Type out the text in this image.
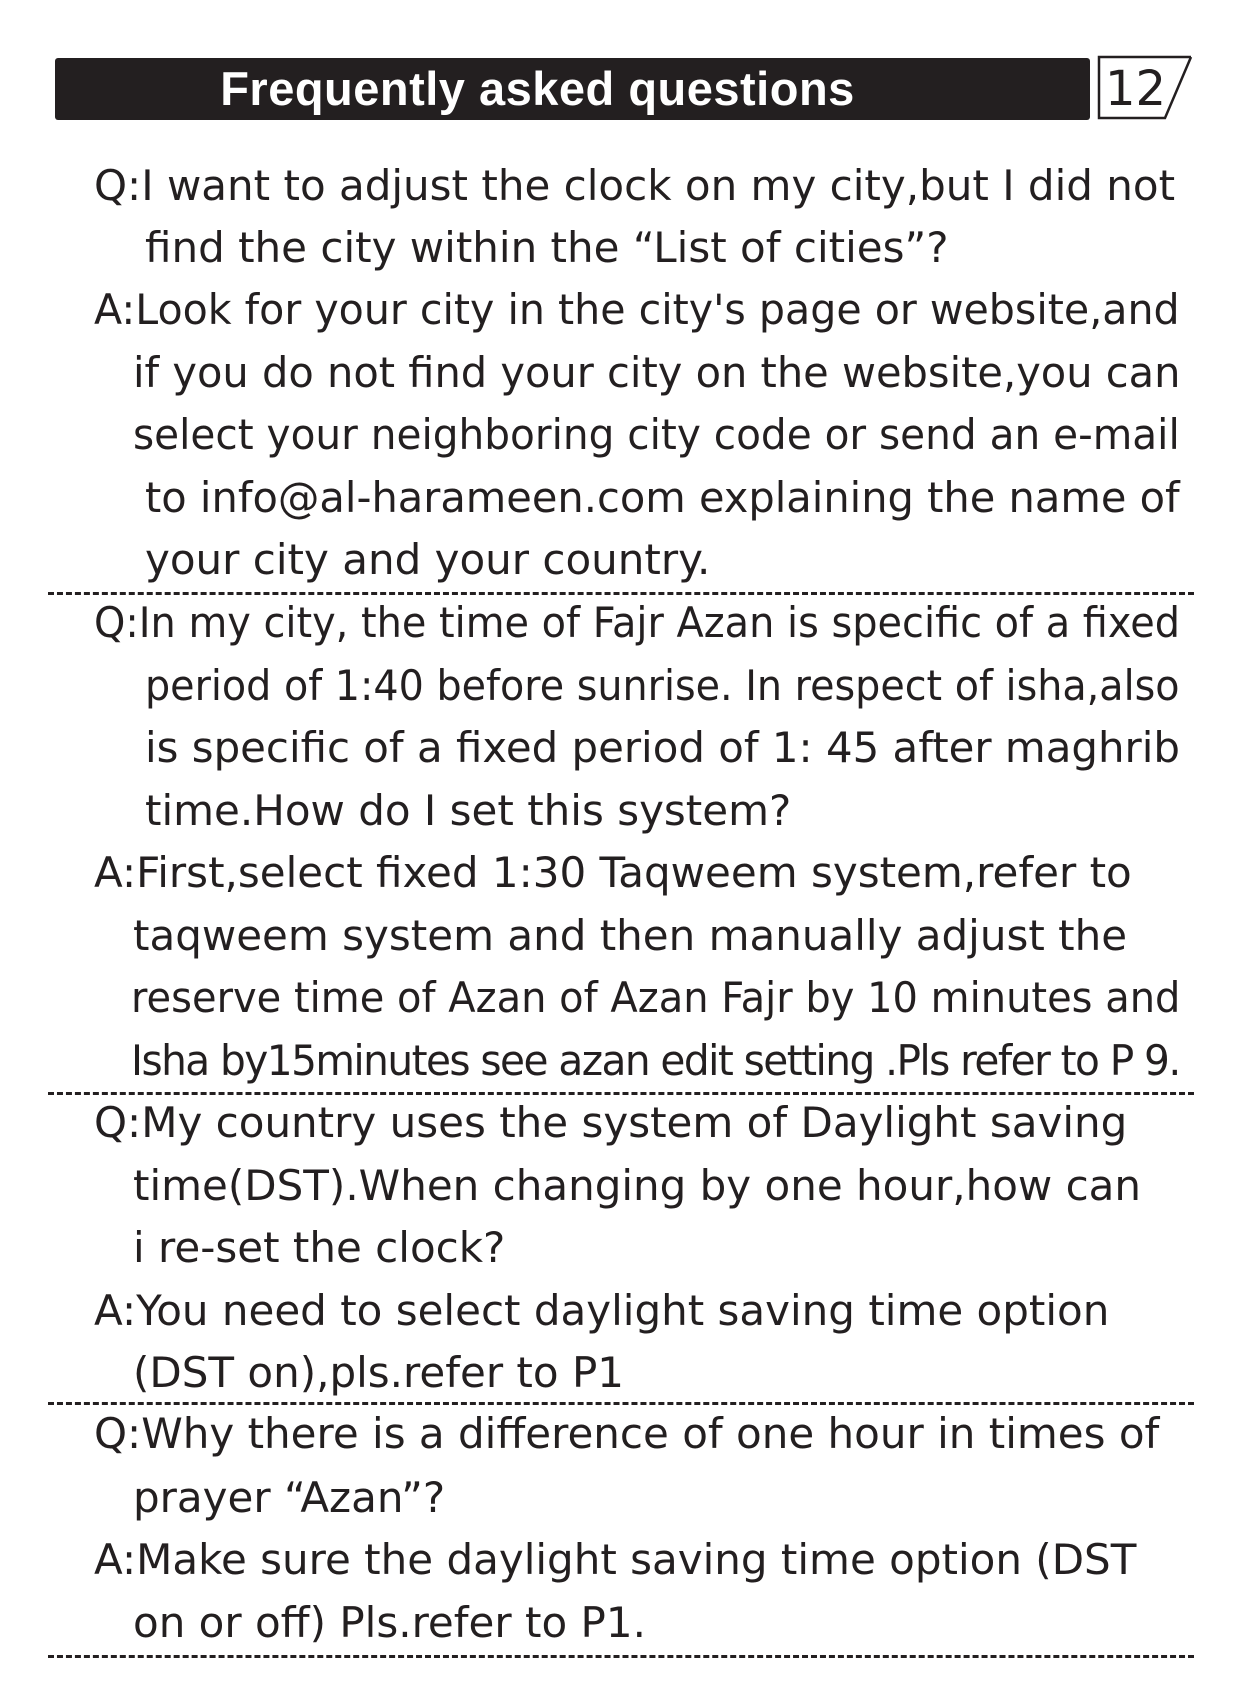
Frequently asked questions	12
Q:I want to adjust the clock on my city,but I did not
find the city within the “List of cities”?
A:Look for your city in the city's page or website,and
if you do not find your city on the website,you can
select your neighboring city code or send an e-mail
to info@al-harameen.com explaining the name of
your city and your country.
Q:In my city, the time of Fajr Azan is specific of a fixed
period of 1:40 before sunrise. In respect of isha,also
is specific of a fixed period of 1: 45 after maghrib
time.How do I set this system?
A:First,select fixed 1:30 Taqweem system,refer to
taqweem system and then manually adjust the
reserve time of Azan of Azan Fajr by 10 minutes and
Isha by15minutes see azan edit setting .Pls refer to P 9.
Q:My country uses the system of Daylight saving
time(DST).When changing by one hour,how can
i re-set the clock?
A:You need to select daylight saving time option
(DST on),pls.refer to P1
Q:Why there is a difference of one hour in times of
prayer “Azan”?
A:Make sure the daylight saving time option (DST
on or off) Pls.refer to P1.
